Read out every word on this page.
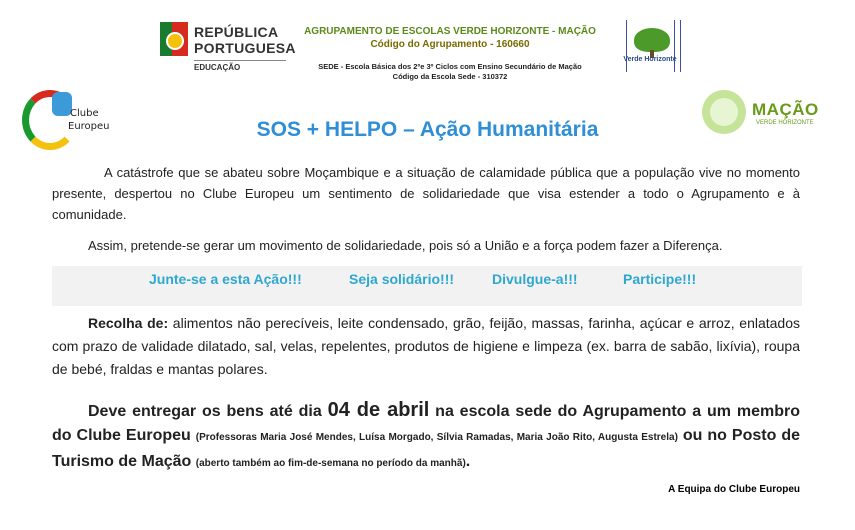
REPÚBLICA
PORTUGUESA
EDUCAÇÃO
AGRUPAMENTO DE ESCOLAS VERDE HORIZONTE - MAÇÃO
Código do Agrupamento - 160660
SEDE - Escola Básica dos 2ºe 3º Ciclos com Ensino Secundário de Mação
Código da Escola Sede - 310372
Verde Horizonte
Clube
Europeu
MAÇÃO
VERDE HORIZONTE
SOS + HELPO – Ação Humanitária
A catástrofe que se abateu sobre Moçambique e a situação de calamidade pública que a população vive no momento presente, despertou no Clube Europeu um sentimento de solidariedade que visa estender a todo o Agrupamento e à comunidade.
Assim, pretende-se gerar um movimento de solidariedade, pois só a União e a força podem fazer a Diferença.
Junte-se a esta Ação!!!	Seja solidário!!!	Divulgue-a!!!	Participe!!!
Recolha de: alimentos não perecíveis, leite condensado, grão, feijão, massas, farinha, açúcar e arroz, enlatados com prazo de validade dilatado, sal, velas, repelentes, produtos de higiene e limpeza (ex. barra de sabão, lixívia), roupa de bebé, fraldas e mantas polares.
Deve entregar os bens até dia 04 de abril na escola sede do Agrupamento a um membro do Clube Europeu (Professoras Maria José Mendes, Luísa Morgado, Sílvia Ramadas, Maria João Rito, Augusta Estrela) ou no Posto de Turismo de Mação (aberto também ao fim-de-semana no período da manhã).
A Equipa do Clube Europeu
